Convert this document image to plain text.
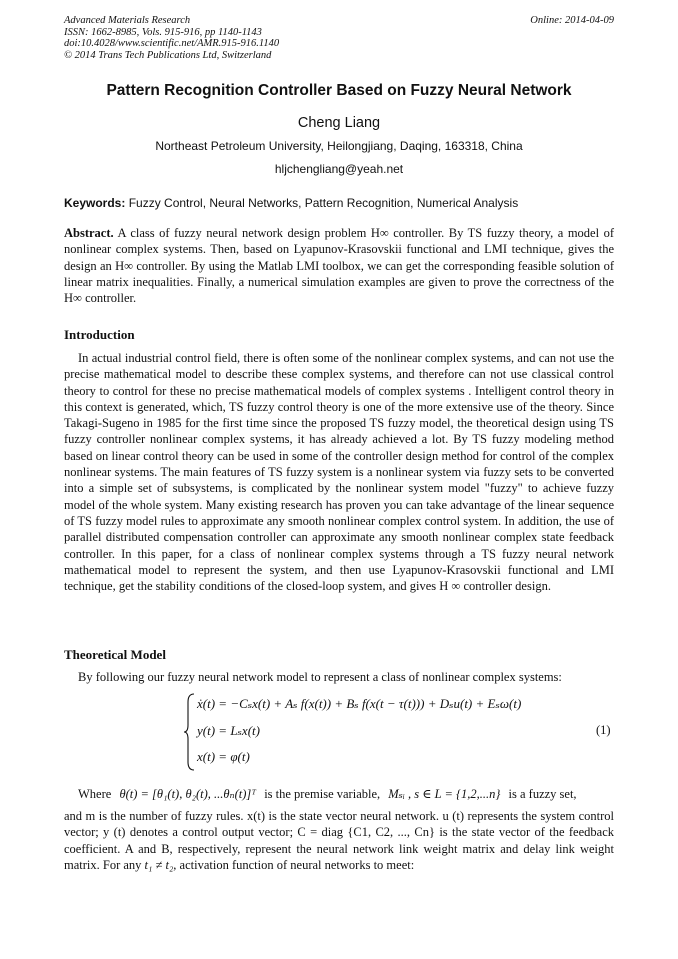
Advanced Materials Research
ISSN: 1662-8985, Vols. 915-916, pp 1140-1143
doi:10.4028/www.scientific.net/AMR.915-916.1140
© 2014 Trans Tech Publications Ltd, Switzerland
Online: 2014-04-09
Pattern Recognition Controller Based on Fuzzy Neural Network
Cheng Liang
Northeast Petroleum University, Heilongjiang, Daqing, 163318, China
hljchengliang@yeah.net
Keywords: Fuzzy Control, Neural Networks, Pattern Recognition, Numerical Analysis
Abstract. A class of fuzzy neural network design problem H∞ controller. By TS fuzzy theory, a model of nonlinear complex systems. Then, based on Lyapunov-Krasovskii functional and LMI technique, gives the design an H∞ controller. By using the Matlab LMI toolbox, we can get the corresponding feasible solution of linear matrix inequalities. Finally, a numerical simulation examples are given to prove the correctness of the H∞ controller.
Introduction
In actual industrial control field, there is often some of the nonlinear complex systems, and can not use the precise mathematical model to describe these complex systems, and therefore can not use classical control theory to control for these no precise mathematical models of complex systems . Intelligent control theory in this context is generated, which, TS fuzzy control theory is one of the more extensive use of the theory. Since Takagi-Sugeno in 1985 for the first time since the proposed TS fuzzy model, the theoretical design using TS fuzzy controller nonlinear complex systems, it has already achieved a lot. By TS fuzzy modeling method based on linear control theory can be used in some of the controller design method for control of the complex nonlinear systems. The main features of TS fuzzy system is a nonlinear system via fuzzy sets to be converted into a simple set of subsystems, is complicated by the nonlinear system model "fuzzy" to achieve fuzzy model of the whole system. Many existing research has proven you can take advantage of the linear sequence of TS fuzzy model rules to approximate any smooth nonlinear complex control system. In addition, the use of parallel distributed compensation controller can approximate any smooth nonlinear complex state feedback controller. In this paper, for a class of nonlinear complex systems through a TS fuzzy neural network mathematical model to represent the system, and then use Lyapunov-Krasovskii functional and LMI technique, get the stability conditions of the closed-loop system, and gives H ∞ controller design.
Theoretical Model
By following our fuzzy neural network model to represent a class of nonlinear complex systems:
ẋ(t) = −Cₛx(t) + Aₛ f(x(t)) + Bₛ f(x(t − τ(t))) + Dₛu(t) + Eₛω(t)
y(t) = Lₛx(t)
x(t) = φ(t)
(1)
Where θ(t) = [θ₁(t), θ₂(t), ...θₙ(t)]ᵀ is the premise variable, Mₛᵢ , s ∈ L = {1,2,...n} is a fuzzy set,
and m is the number of fuzzy rules. x(t) is the state vector neural network. u (t) represents the system control vector; y (t) denotes a control output vector; C = diag {C1, C2, ..., Cn} is the state vector of the feedback coefficient. A and B, respectively, represent the neural network link weight matrix and delay link weight matrix. For any t₁ ≠ t₂, activation function of neural networks to meet:
